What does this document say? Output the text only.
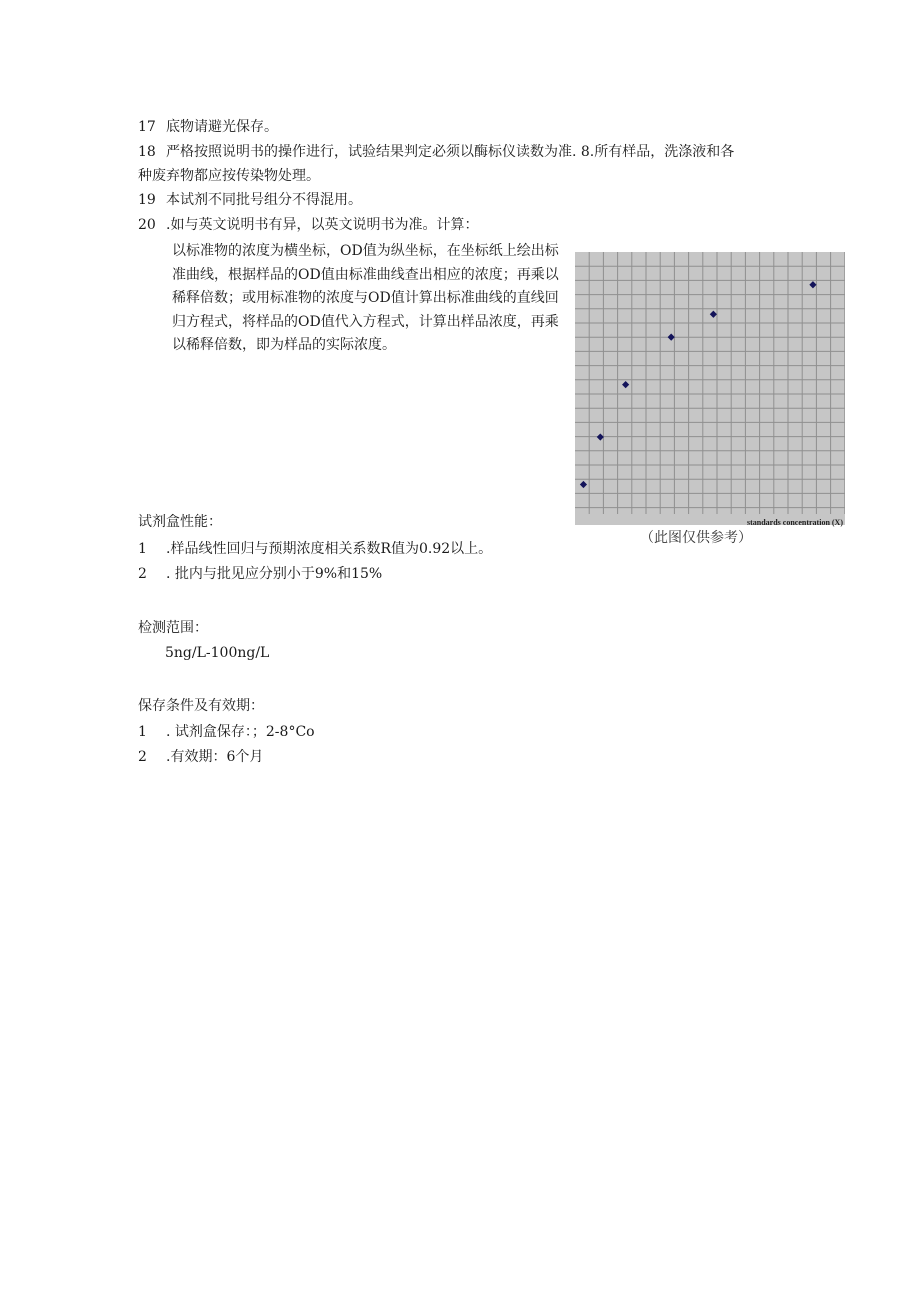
17 底物请避光保存。
18 严格按照说明书的操作进行，试验结果判定必须以酶标仪读数为准. 8.所有样品，洗涤液和各
种废弃物都应按传染物处理。
19 本试剂不同批号组分不得混用。
20 .如与英文说明书有异，以英文说明书为准。计算：
以标准物的浓度为横坐标，OD值为纵坐标，在坐标纸上绘出标准曲线，根据样品的OD值由标准曲线查出相应的浓度；再乘以稀释倍数；或用标准物的浓度与OD值计算出标准曲线的直线回归方程式，将样品的OD值代入方程式，计算出样品浓度，再乘以稀释倍数，即为样品的实际浓度。
standards concentration (X)
（此图仅供参考）
试剂盒性能：
1 .样品线性回归与预期浓度相关系数R值为0.92以上。
2 . 批内与批见应分别小于9%和15%
检测范围：
5ng/L-100ng/L
保存条件及有效期：
1 . 试剂盒保存：；2-8°Co
2 .有效期：6个月
